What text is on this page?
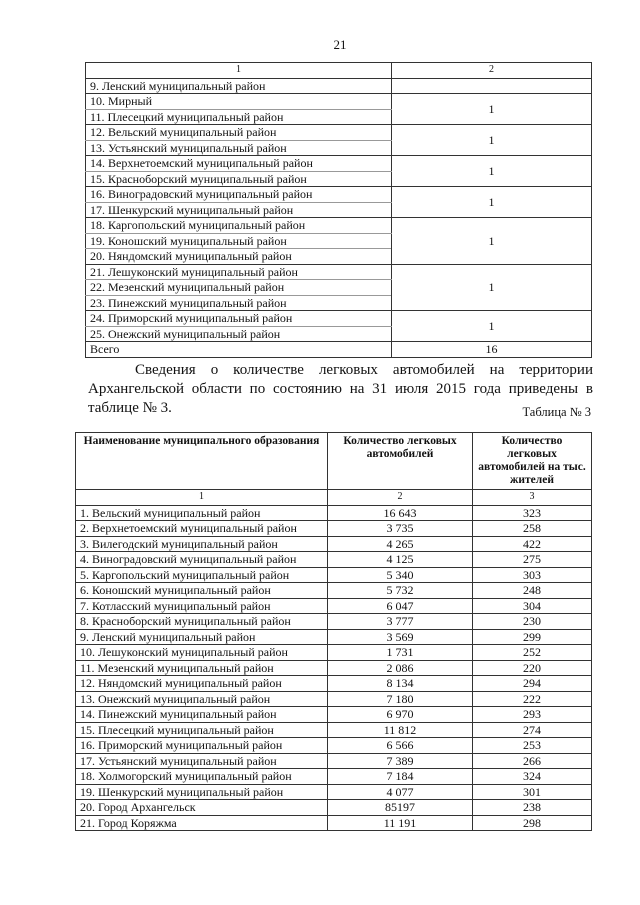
21
1	2
9. Ленский муниципальный район	
10. Мирный	1
11. Плесецкий муниципальный район	
12. Вельский муниципальный район	1
13. Устьянский муниципальный район	
14. Верхнетоемский муниципальный район	1
15. Красноборский муниципальный район	
16. Виноградовский муниципальный район	1
17. Шенкурский муниципальный район	
18. Каргопольский муниципальный район	1
19. Коношский муниципальный район	
20. Няндомский муниципальный район	
21. Лешуконский муниципальный район	1
22. Мезенский муниципальный район	
23. Пинежский муниципальный район	
24. Приморский муниципальный район	1
25. Онежский муниципальный район	
Всего	16
Сведения о количестве легковых автомобилей на территории Архангельской области по состоянию на 31 июля 2015 года приведены в таблице № 3.	Таблица № 3
Наименование муниципального образования	Количество легковых автомобилей	Количество легковых автомобилей на тыс. жителей
1	2	3
1. Вельский муниципальный район	16 643	323
2. Верхнетоемский муниципальный район	3 735	258
3. Вилегодский муниципальный район	4 265	422
4. Виноградовский муниципальный район	4 125	275
5. Каргопольский муниципальный район	5 340	303
6. Коношский муниципальный район	5 732	248
7. Котласский муниципальный район	6 047	304
8. Красноборский муниципальный район	3 777	230
9. Ленский муниципальный район	3 569	299
10. Лешуконский муниципальный район	1 731	252
11. Мезенский муниципальный район	2 086	220
12. Няндомский муниципальный район	8 134	294
13. Онежский муниципальный район	7 180	222
14. Пинежский муниципальный район	6 970	293
15. Плесецкий муниципальный район	11 812	274
16. Приморский муниципальный район	6 566	253
17. Устьянский муниципальный район	7 389	266
18. Холмогорский муниципальный район	7 184	324
19. Шенкурский муниципальный район	4 077	301
20. Город Архангельск	85197	238
21. Город Коряжма	11 191	298
